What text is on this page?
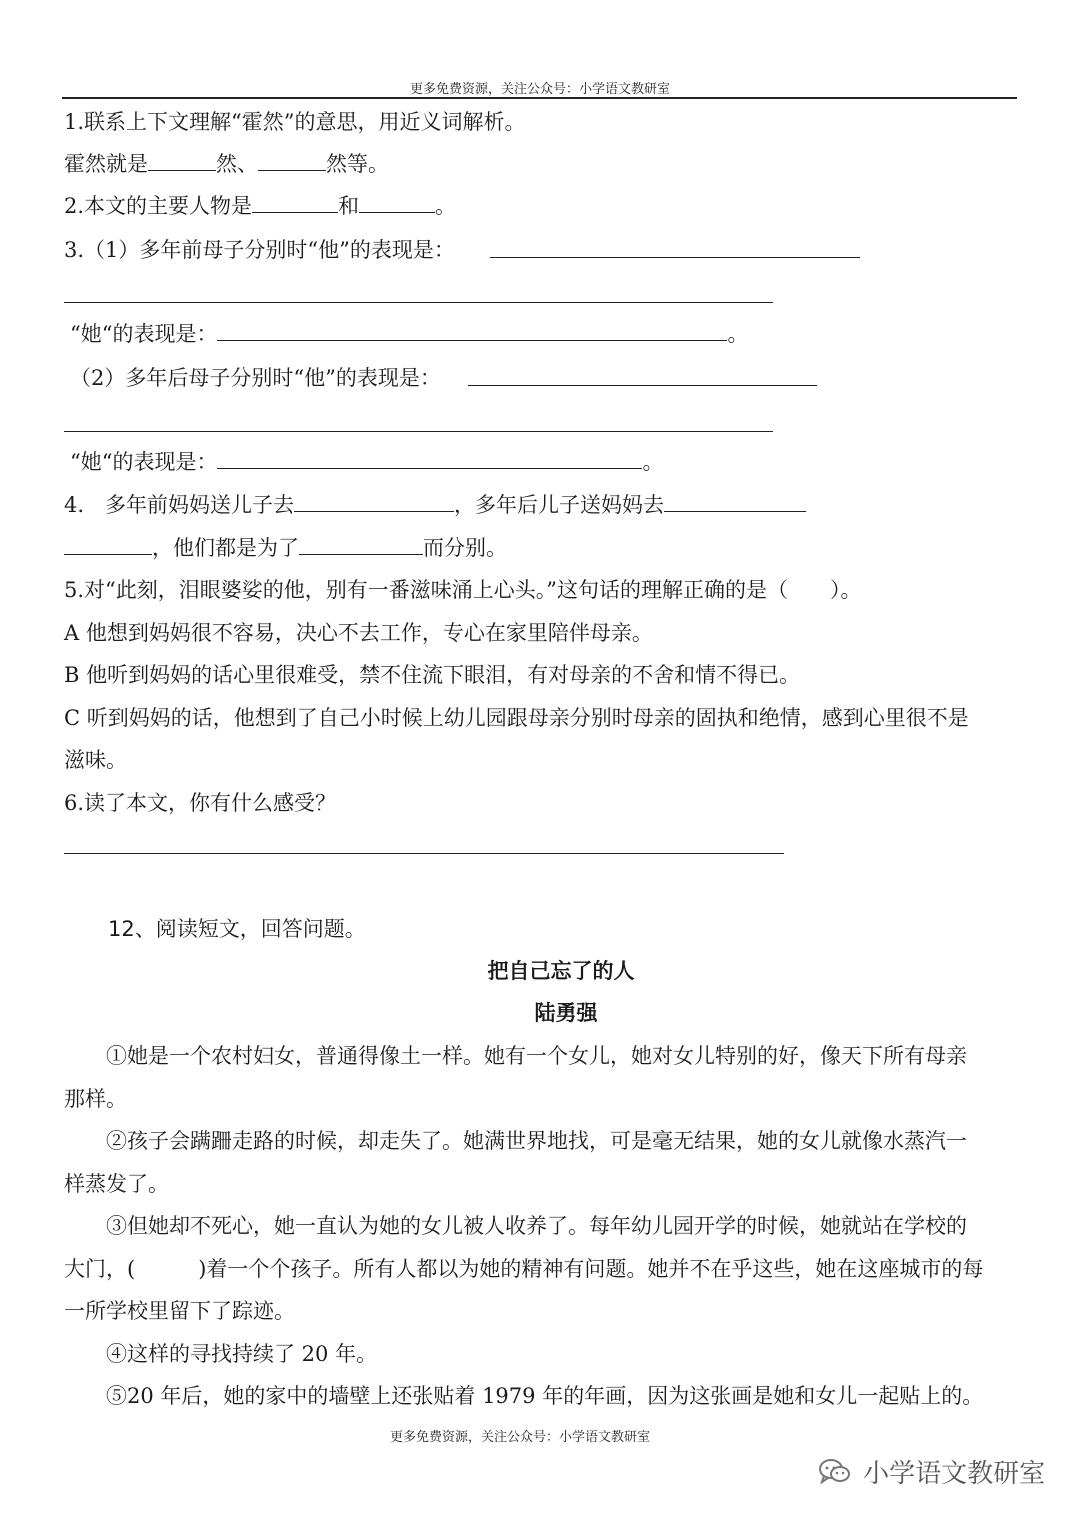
更多免费资源，关注公众号：小学语文教研室
1.联系上下文理解“霍然”的意思，用近义词解析。
霍然就是	然、	然等。
2.本文的主要人物是	和	。
3.（1）多年前母子分别时“他”的表现是：
“她“的表现是：	。
（2）多年后母子分别时“他”的表现是：
“她“的表现是：	。
4.　多年前妈妈送儿子去	，多年后儿子送妈妈去
，他们都是为了	而分别。
5.对“此刻，泪眼婆娑的他，别有一番滋味涌上心头。”这句话的理解正确的是（　　）。
A 他想到妈妈很不容易，决心不去工作，专心在家里陪伴母亲。
B 他听到妈妈的话心里很难受，禁不住流下眼泪，有对母亲的不舍和情不得已。
C 听到妈妈的话，他想到了自己小时候上幼儿园跟母亲分别时母亲的固执和绝情，感到心里很不是
滋味。
6.读了本文，你有什么感受？
12、阅读短文，回答问题。
把自己忘了的人
陆勇强
①她是一个农村妇女，普通得像土一样。她有一个女儿，她对女儿特别的好，像天下所有母亲
那样。
②孩子会蹒跚走路的时候，却走失了。她满世界地找，可是毫无结果，她的女儿就像水蒸汽一
样蒸发了。
③但她却不死心，她一直认为她的女儿被人收养了。每年幼儿园开学的时候，她就站在学校的
大门，(　　　)着一个个孩子。所有人都以为她的精神有问题。她并不在乎这些，她在这座城市的每
一所学校里留下了踪迹。
④这样的寻找持续了 20 年。
⑤20 年后，她的家中的墙壁上还张贴着 1979 年的年画，因为这张画是她和女儿一起贴上的。
更多免费资源，关注公众号：小学语文教研室
小学语文教研室
